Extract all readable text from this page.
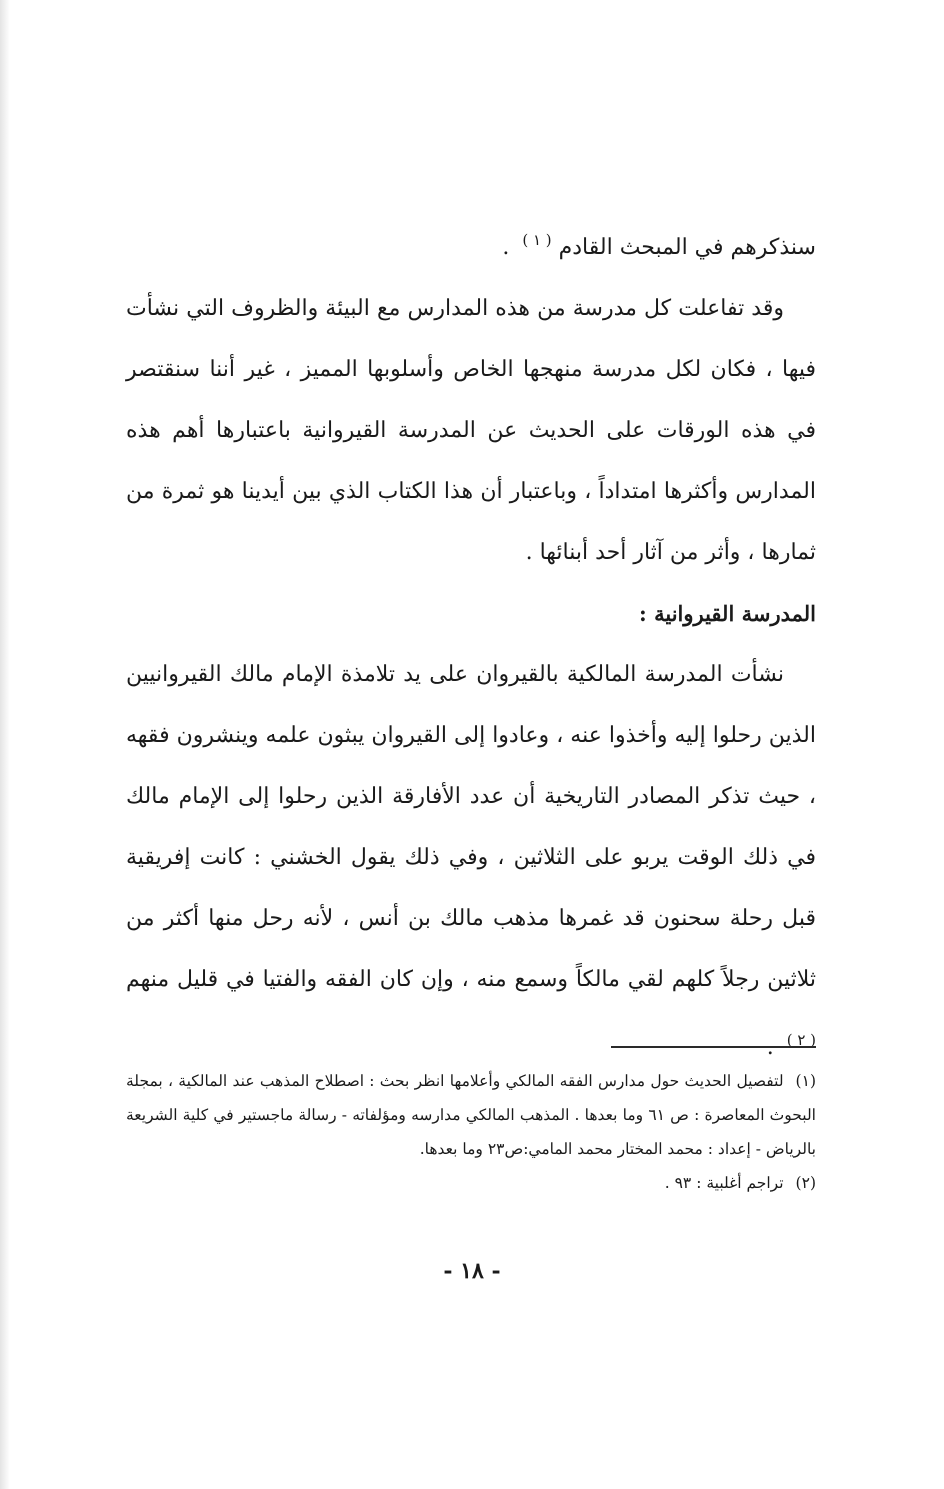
سنذكرهم في المبحث القادم $^{( ١ )}$ .

وقد تفاعلت كل مدرسة من هذه المدارس مع البيئة والظروف التي نشأت فيها ، فكان لكل مدرسة منهجها الخاص وأسلوبها المميز ، غير أننا سنقتصر في هذه الورقات على الحديث عن المدرسة القيروانية باعتبارها أهم هذه المدارس وأكثرها امتداداً ، وباعتبار أن هذا الكتاب الذي بين أيدينا هو ثمرة من ثمارها ، وأثر من آثار أحد أبنائها .

المدرسة القيروانية :

نشأت المدرسة المالكية بالقيروان على يد تلامذة الإمام مالك القيروانيين الذين رحلوا إليه وأخذوا عنه ، وعادوا إلى القيروان يبثون علمه وينشرون فقهه ، حيث تذكر المصادر التاريخية أن عدد الأفارقة الذين رحلوا إلى الإمام مالك في ذلك الوقت يربو على الثلاثين ، وفي ذلك يقول الخشني : كانت إفريقية قبل رحلة سحنون قد غمرها مذهب مالك بن أنس ، لأنه رحل منها أكثر من ثلاثين رجلاً كلهم لقي مالكاً وسمع منه ، وإن كان الفقه والفتيا في قليل منهم $^{( ٢ )}$ .

(١)لتفصيل الحديث حول مدارس الفقه المالكي وأعلامها انظر بحث : اصطلاح المذهب عند المالكية ، بمجلة البحوث المعاصرة : ص ٦١ وما بعدها . المذهب المالكي مدارسه ومؤلفاته - رسالة ماجستير في كلية الشريعة بالرياض - إعداد : محمد المختار محمد المامي:ص٢٣ وما بعدها.

(٢)تراجم أغلبية : ٩٣ .

- ١٨ -
